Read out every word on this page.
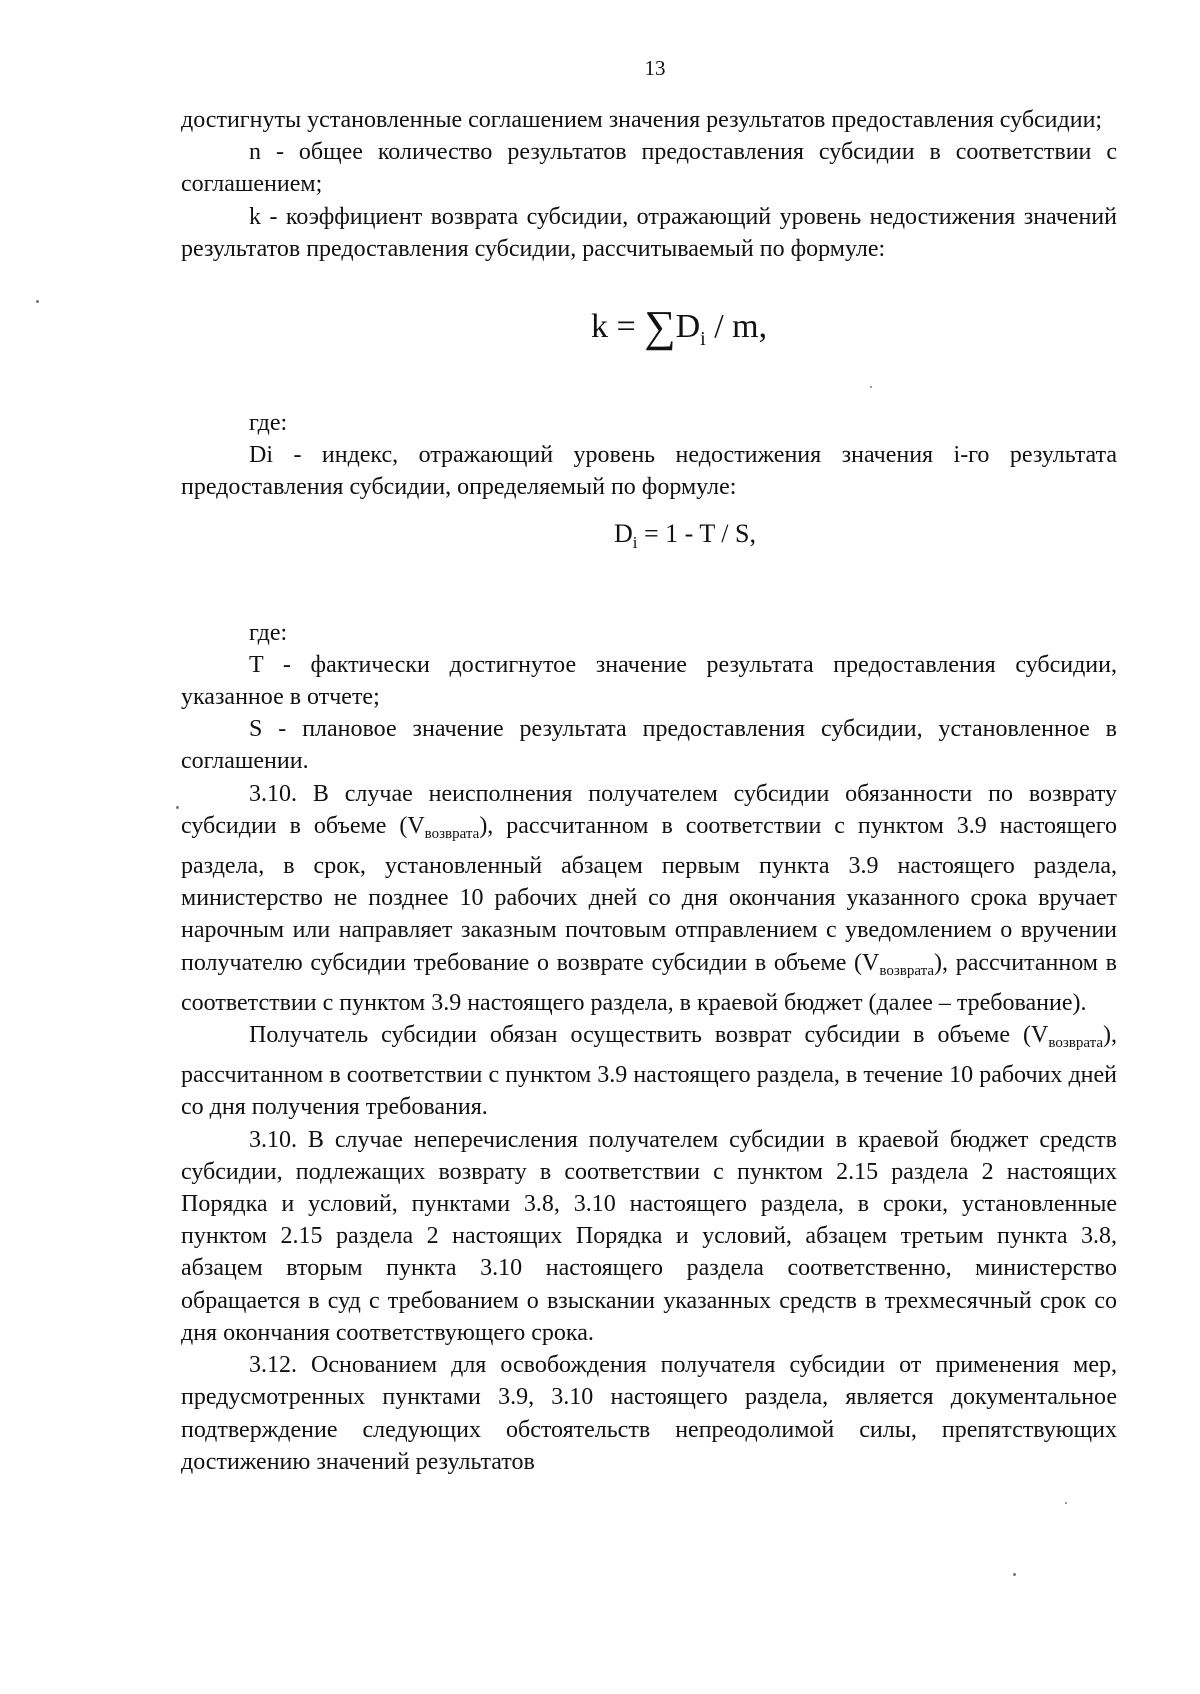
13

достигнуты установленные соглашением значения результатов предоставления субсидии;

n - общее количество результатов предоставления субсидии в соответствии с соглашением;

k - коэффициент возврата субсидии, отражающий уровень недостижения значений результатов предоставления субсидии, рассчитываемый по формуле:

$k = \sum D_i / m$,

где:

Di - индекс, отражающий уровень недостижения значения i-го результата предоставления субсидии, определяемый по формуле:

$D_i = 1 - T / S$,

где:

T - фактически достигнутое значение результата предоставления субсидии, указанное в отчете;

S - плановое значение результата предоставления субсидии, установленное в соглашении.

3.10. В случае неисполнения получателем субсидии обязанности по возврату субсидии в объеме $(V_{возврата})$, рассчитанном в соответствии с пунктом 3.9 настоящего раздела, в срок, установленный абзацем первым пункта 3.9 настоящего раздела, министерство не позднее 10 рабочих дней со дня окончания указанного срока вручает нарочным или направляет заказным почтовым отправлением с уведомлением о вручении получателю субсидии требование о возврате субсидии в объеме $(V_{возврата})$, рассчитанном в соответствии с пунктом 3.9 настоящего раздела, в краевой бюджет (далее – требование).

Получатель субсидии обязан осуществить возврат субсидии в объеме $(V_{возврата})$, рассчитанном в соответствии с пунктом 3.9 настоящего раздела, в течение 10 рабочих дней со дня получения требования.

3.10. В случае неперечисления получателем субсидии в краевой бюджет средств субсидии, подлежащих возврату в соответствии с пунктом 2.15 раздела 2 настоящих Порядка и условий, пунктами 3.8, 3.10 настоящего раздела, в сроки, установленные пунктом 2.15 раздела 2 настоящих Порядка и условий, абзацем третьим пункта 3.8, абзацем вторым пункта 3.10 настоящего раздела соответственно, министерство обращается в суд с требованием о взыскании указанных средств в трехмесячный срок со дня окончания соответствующего срока.

3.12. Основанием для освобождения получателя субсидии от применения мер, предусмотренных пунктами 3.9, 3.10 настоящего раздела, является документальное подтверждение следующих обстоятельств непреодолимой силы, препятствующих достижению значений результатов
